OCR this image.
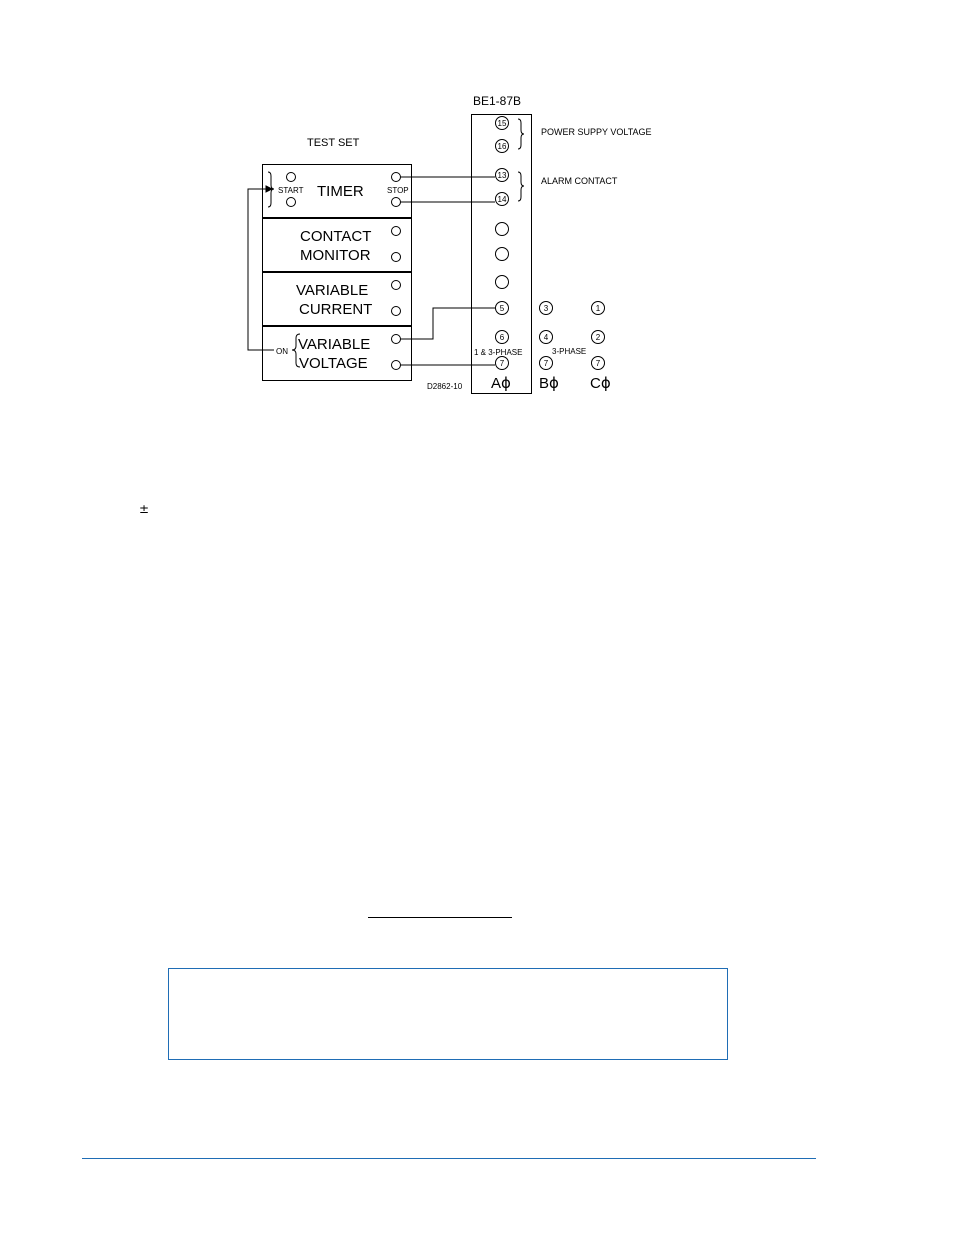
BE1-87B
TEST SET
POWER SUPPY VOLTAGE
ALARM CONTACT
TIMER
START	STOP
CONTACT
MONITOR
VARIABLE
CURRENT
VARIABLE
VOLTAGE
ON
15
16
13
14
5
6
7
3	1
4	2
7	7
1 & 3-PHASE	3-PHASE
Aϕ Bϕ Cϕ
D2862-10
±
